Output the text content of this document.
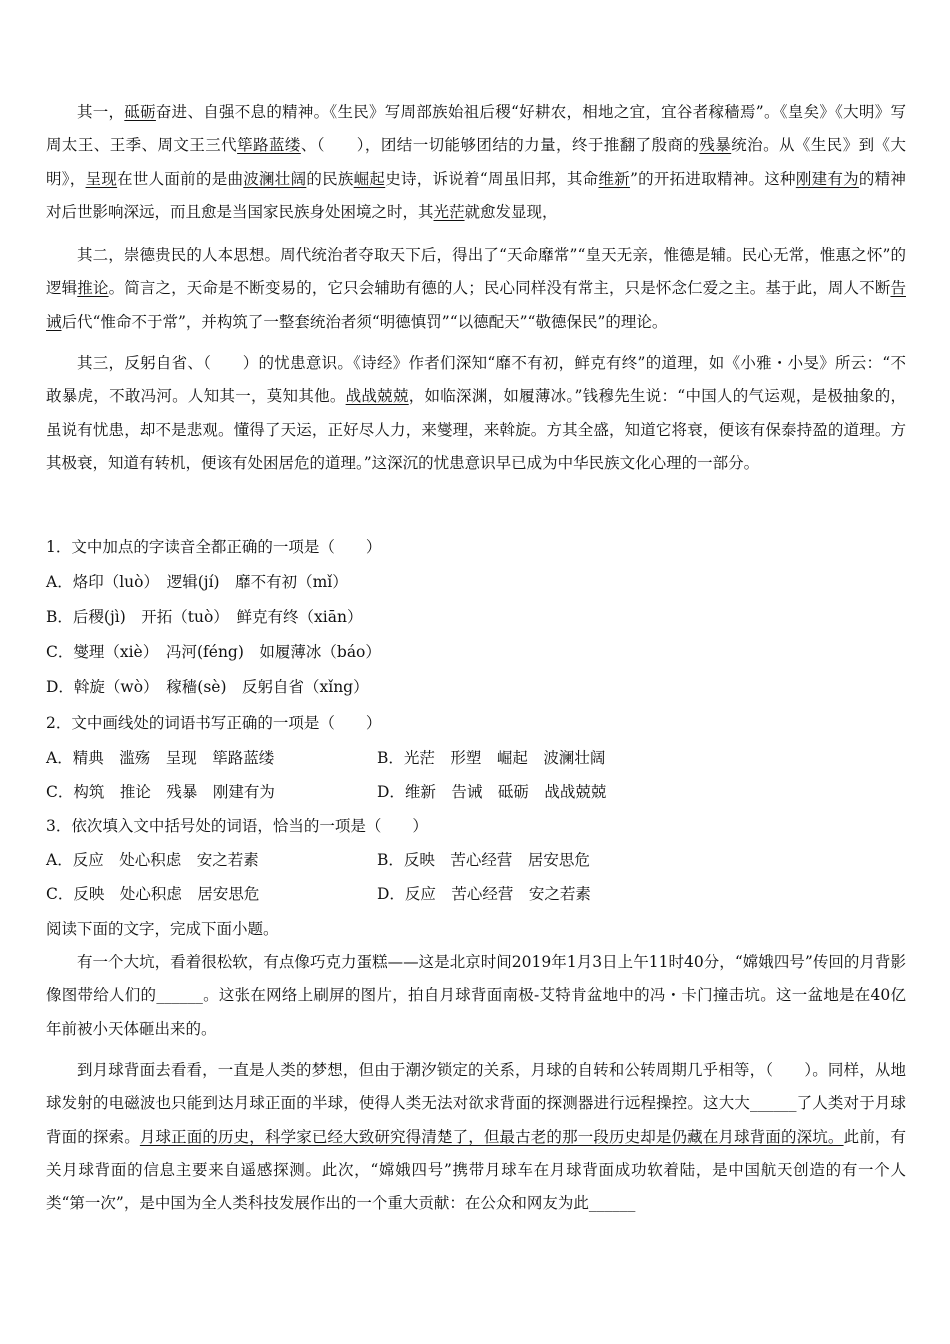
其一，砥砺奋进、自强不息的精神。《生民》写周部族始祖后稷“好耕农，相地之宜，宜谷者稼穑焉”。《皇矣》《大明》写周太王、王季、周文王三代筚路蓝缕、（　　），团结一切能够团结的力量，终于推翻了殷商的残暴统治。从《生民》到《大明》，呈现在世人面前的是曲波澜壮阔的民族崛起史诗，诉说着“周虽旧邦，其命维新”的开拓进取精神。这种刚建有为的精神对后世影响深远，而且愈是当国家民族身处困境之时，其光茫就愈发显现，
其二，崇德贵民的人本思想。周代统治者夺取天下后，得出了“天命靡常”“皇天无亲，惟德是辅。民心无常，惟惠之怀”的逻辑推论。简言之，天命是不断变易的，它只会辅助有德的人；民心同样没有常主，只是怀念仁爱之主。基于此，周人不断告诫后代“惟命不于常”，并构筑了一整套统治者须“明德慎罚”“以德配天”“敬德保民”的理论。
其三，反躬自省、（　　）的忧患意识。《诗经》作者们深知“靡不有初，鲜克有终”的道理，如《小雅・小旻》所云：“不敢暴虎，不敢冯河。人知其一，莫知其他。战战兢兢，如临深渊，如履薄冰。”钱穆先生说：“中国人的气运观，是极抽象的，虽说有忧患，却不是悲观。懂得了天运，正好尽人力，来燮理，来斡旋。方其全盛，知道它将衰，便该有保泰持盈的道理。方其极衰，知道有转机，便该有处困居危的道理。”这深沉的忧患意识早已成为中华民族文化心理的一部分。
1．文中加点的字读音全都正确的一项是（　　）
A．烙印（luò）　逻辑(jí)　靡不有初（mǐ）
B．后稷(jì)　开拓（tuò）　鲜克有终（xiān）
C．燮理（xiè）　冯河(féng)　如履薄冰（báo）
D．斡旋（wò）　稼穑(sè)　反躬自省（xǐng）
2．文中画线处的词语书写正确的一项是（　　）
A．精典　滥殇　呈现　筚路蓝缕	B．光茫　形塑　崛起　波澜壮阔
C．构筑　推论　残暴　刚建有为	D．维新　告诫　砥砺　战战兢兢
3．依次填入文中括号处的词语，恰当的一项是（　　）
A．反应　处心积虑　安之若素	B．反映　苦心经营　居安思危
C．反映　处心积虑　居安思危	D．反应　苦心经营　安之若素
阅读下面的文字，完成下面小题。
有一个大坑，看着很松软，有点像巧克力蛋糕——这是北京时间2019年1月3日上午11时40分，“嫦娥四号”传回的月背影像图带给人们的______。这张在网络上刷屏的图片，拍自月球背面南极-艾特肯盆地中的冯・卡门撞击坑。这一盆地是在40亿年前被小天体砸出来的。
到月球背面去看看，一直是人类的梦想，但由于潮汐锁定的关系，月球的自转和公转周期几乎相等，（　　）。同样，从地球发射的电磁波也只能到达月球正面的半球，使得人类无法对欲求背面的探测器进行远程操控。这大大______了人类对于月球背面的探索。月球正面的历史，科学家已经大致研究得清楚了，但最古老的那一段历史却是仍藏在月球背面的深坑。此前，有关月球背面的信息主要来自遥感探测。此次，“嫦娥四号”携带月球车在月球背面成功软着陆，是中国航天创造的有一个人类“第一次”，是中国为全人类科技发展作出的一个重大贡献：在公众和网友为此______
